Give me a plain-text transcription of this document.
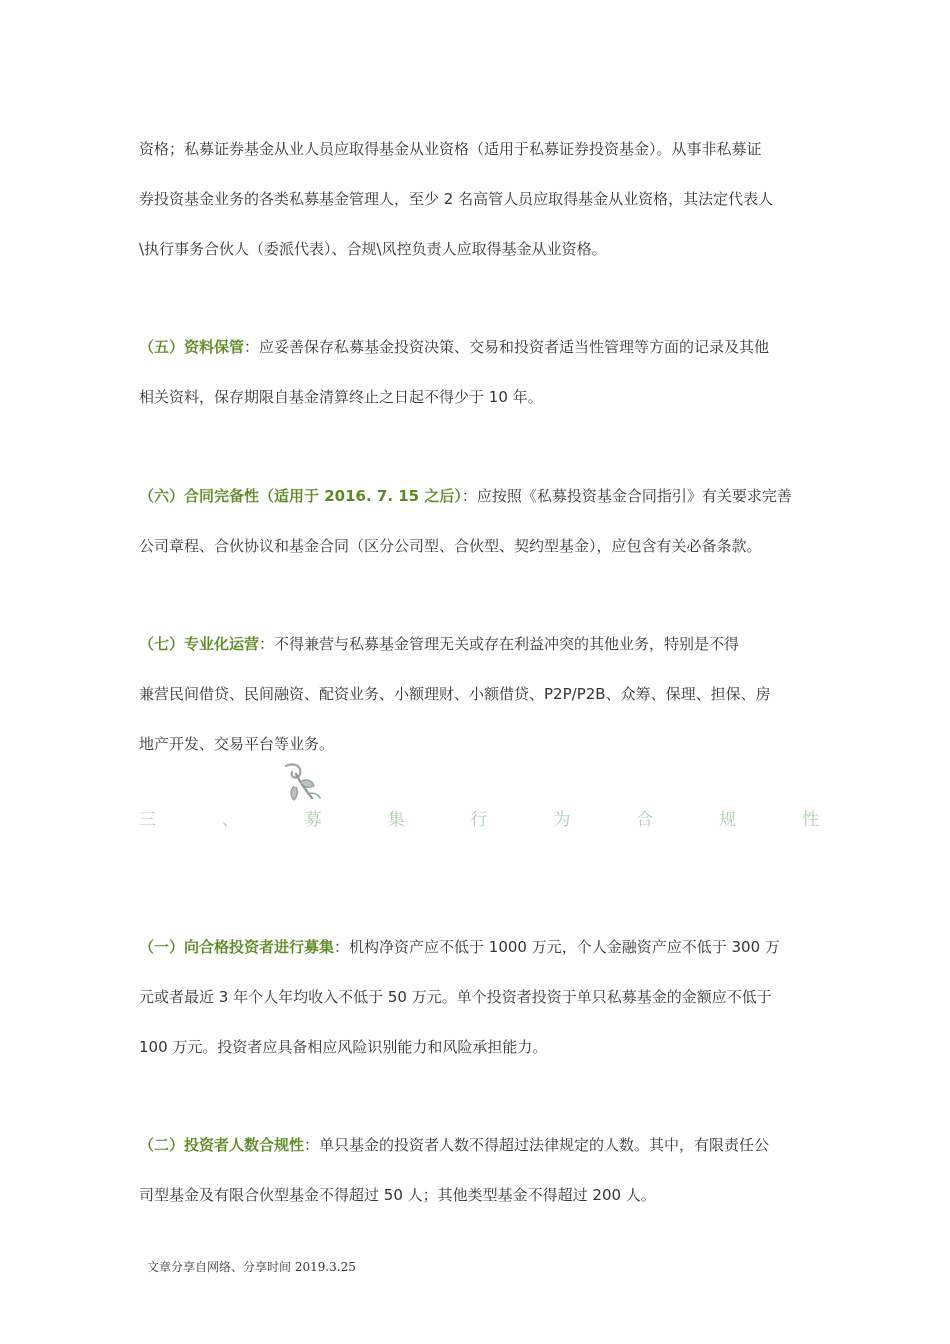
资格；私募证券基金从业人员应取得基金从业资格（适用于私募证券投资基金）。从事非私募证
券投资基金业务的各类私募基金管理人，至少 2 名高管人员应取得基金从业资格，其法定代表人
\执行事务合伙人（委派代表）、合规\风控负责人应取得基金从业资格。
（五）资料保管：应妥善保存私募基金投资决策、交易和投资者适当性管理等方面的记录及其他
相关资料，保存期限自基金清算终止之日起不得少于 10 年。
（六）合同完备性（适用于 2016. 7. 15 之后）：应按照《私募投资基金合同指引》有关要求完善
公司章程、合伙协议和基金合同（区分公司型、合伙型、契约型基金），应包含有关必备条款。
（七）专业化运营：不得兼营与私募基金管理无关或存在利益冲突的其他业务，特别是不得
兼营民间借贷、民间融资、配资业务、小额理财、小额借贷、P2P/P2B、众筹、保理、担保、房
地产开发、交易平台等业务。
三	、	募	集	行	为	合	规	性
（一）向合格投资者进行募集：机构净资产应不低于 1000 万元，个人金融资产应不低于 300 万
元或者最近 3 年个人年均收入不低于 50 万元。单个投资者投资于单只私募基金的金额应不低于
100 万元。投资者应具备相应风险识别能力和风险承担能力。
（二）投资者人数合规性：单只基金的投资者人数不得超过法律规定的人数。其中，有限责任公
司型基金及有限合伙型基金不得超过 50 人；其他类型基金不得超过 200 人。
文章分享自网络、分享时间 2019.3.25
